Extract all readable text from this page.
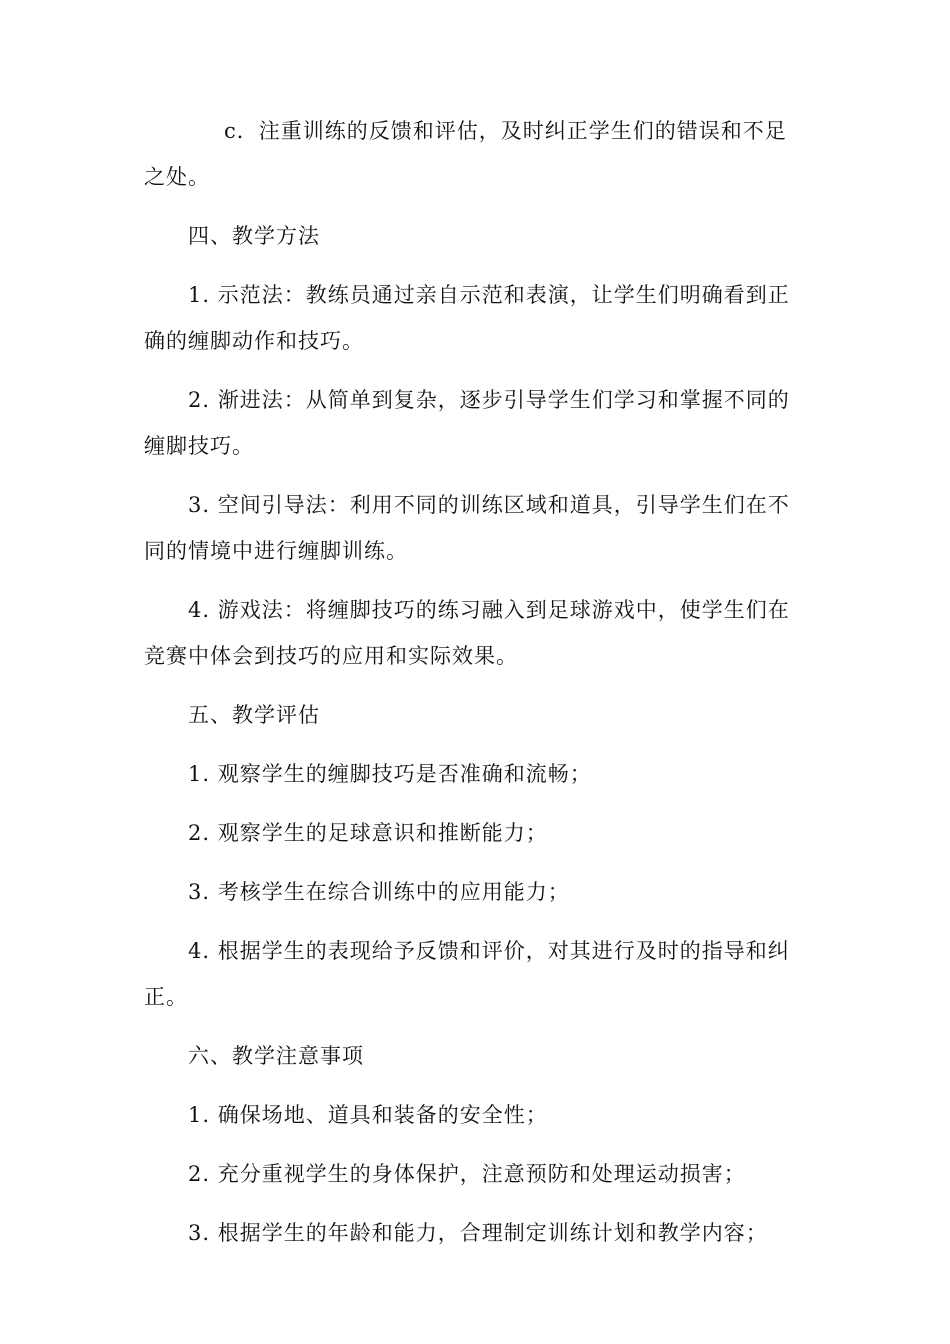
c．注重训练的反馈和评估，及时纠正学生们的错误和不足之处。

四、教学方法

1. 示范法：教练员通过亲自示范和表演，让学生们明确看到正确的缠脚动作和技巧。

2. 渐进法：从简单到复杂，逐步引导学生们学习和掌握不同的缠脚技巧。

3. 空间引导法：利用不同的训练区域和道具，引导学生们在不同的情境中进行缠脚训练。

4. 游戏法：将缠脚技巧的练习融入到足球游戏中，使学生们在竞赛中体会到技巧的应用和实际效果。

五、教学评估

1. 观察学生的缠脚技巧是否准确和流畅；

2. 观察学生的足球意识和推断能力；

3. 考核学生在综合训练中的应用能力；

4. 根据学生的表现给予反馈和评价，对其进行及时的指导和纠正。

六、教学注意事项

1. 确保场地、道具和装备的安全性；

2. 充分重视学生的身体保护，注意预防和处理运动损害；

3. 根据学生的年龄和能力，合理制定训练计划和教学内容；
